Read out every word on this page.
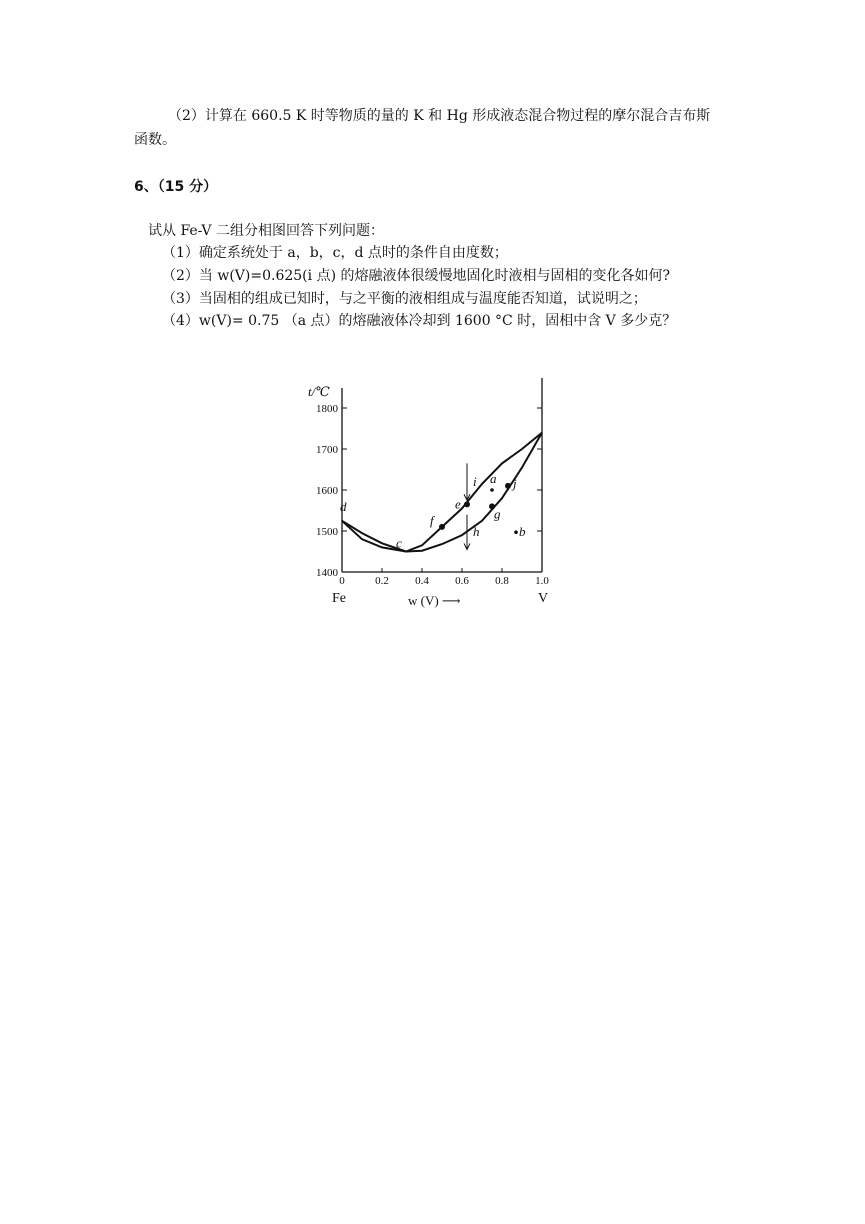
（2）计算在 660.5 K 时等物质的量的 K 和 Hg 形成液态混合物过程的摩尔混合吉布斯
函数。
6、（15 分）
试从 Fe-V 二组分相图回答下列问题：
（1）确定系统处于 a，b，c，d 点时的条件自由度数；
（2）当 w(V)=0.625(i 点) 的熔融液体很缓慢地固化时液相与固相的变化各如何?
（3）当固相的组成已知时，与之平衡的液相组成与温度能否知道，试说明之；
（4）w(V)= 0.75 （a 点）的熔融液体冷却到 1600 °C 时，固相中含 V 多少克？
t/℃
w (V) ⟶
Fe	V
1400
1500
1600
1700
1800
0	0.2 0.4 0.6 0.8 1.0
i
h
a
b
c
d	e
f	g
j
